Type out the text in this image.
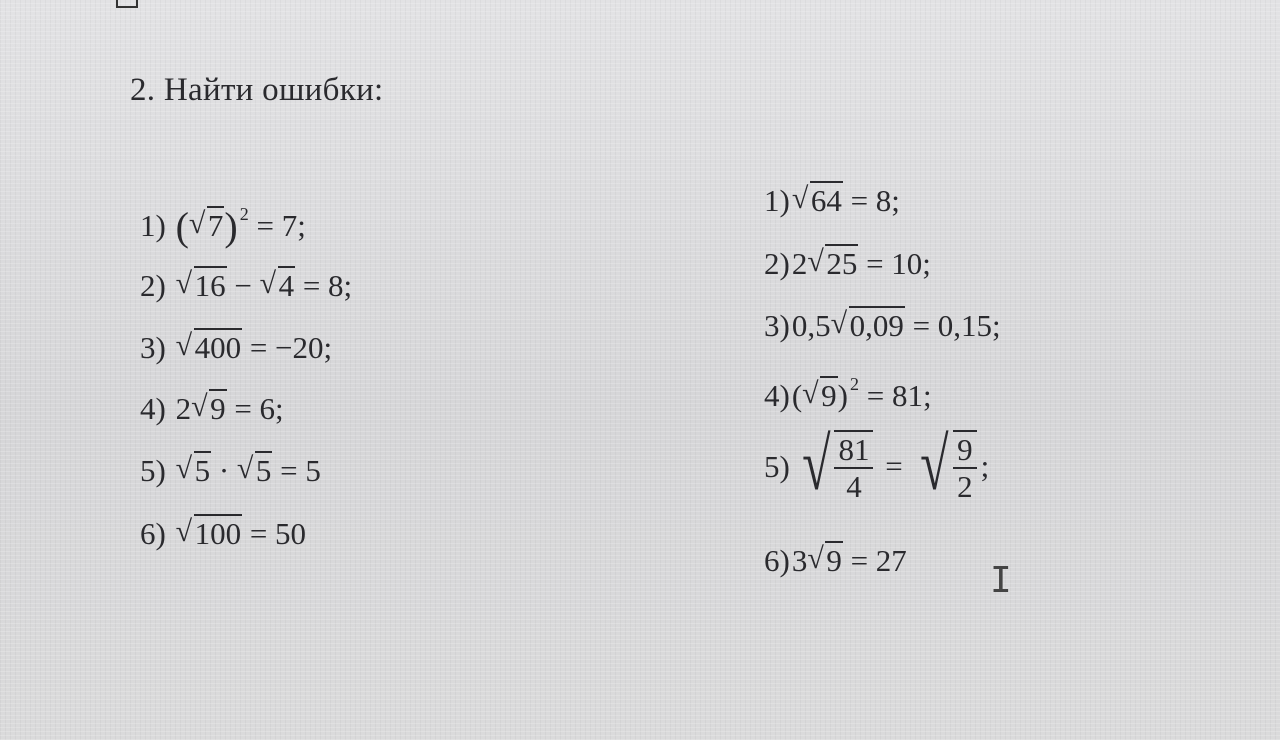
2. Найти ошибки:
1) ( √ 7) $^2$ = 7;
2) √ 16 − √ 4 = 8;
3) √ 400 = −20;
4) 2 √ 9 = 6;
5) √ 5 · √ 5 = 5
6) √ 100 = 50
1) √ 64 = 8;
2)2 √ 25 = 10;
3)0,5 √ 0,09 = 0,15;
4)( √ 9) $^2$ = 81;
5) √ $\frac{81}{4}$ = √ $\frac{9}{2}$ ;
6)3 √ 9 = 27 I
